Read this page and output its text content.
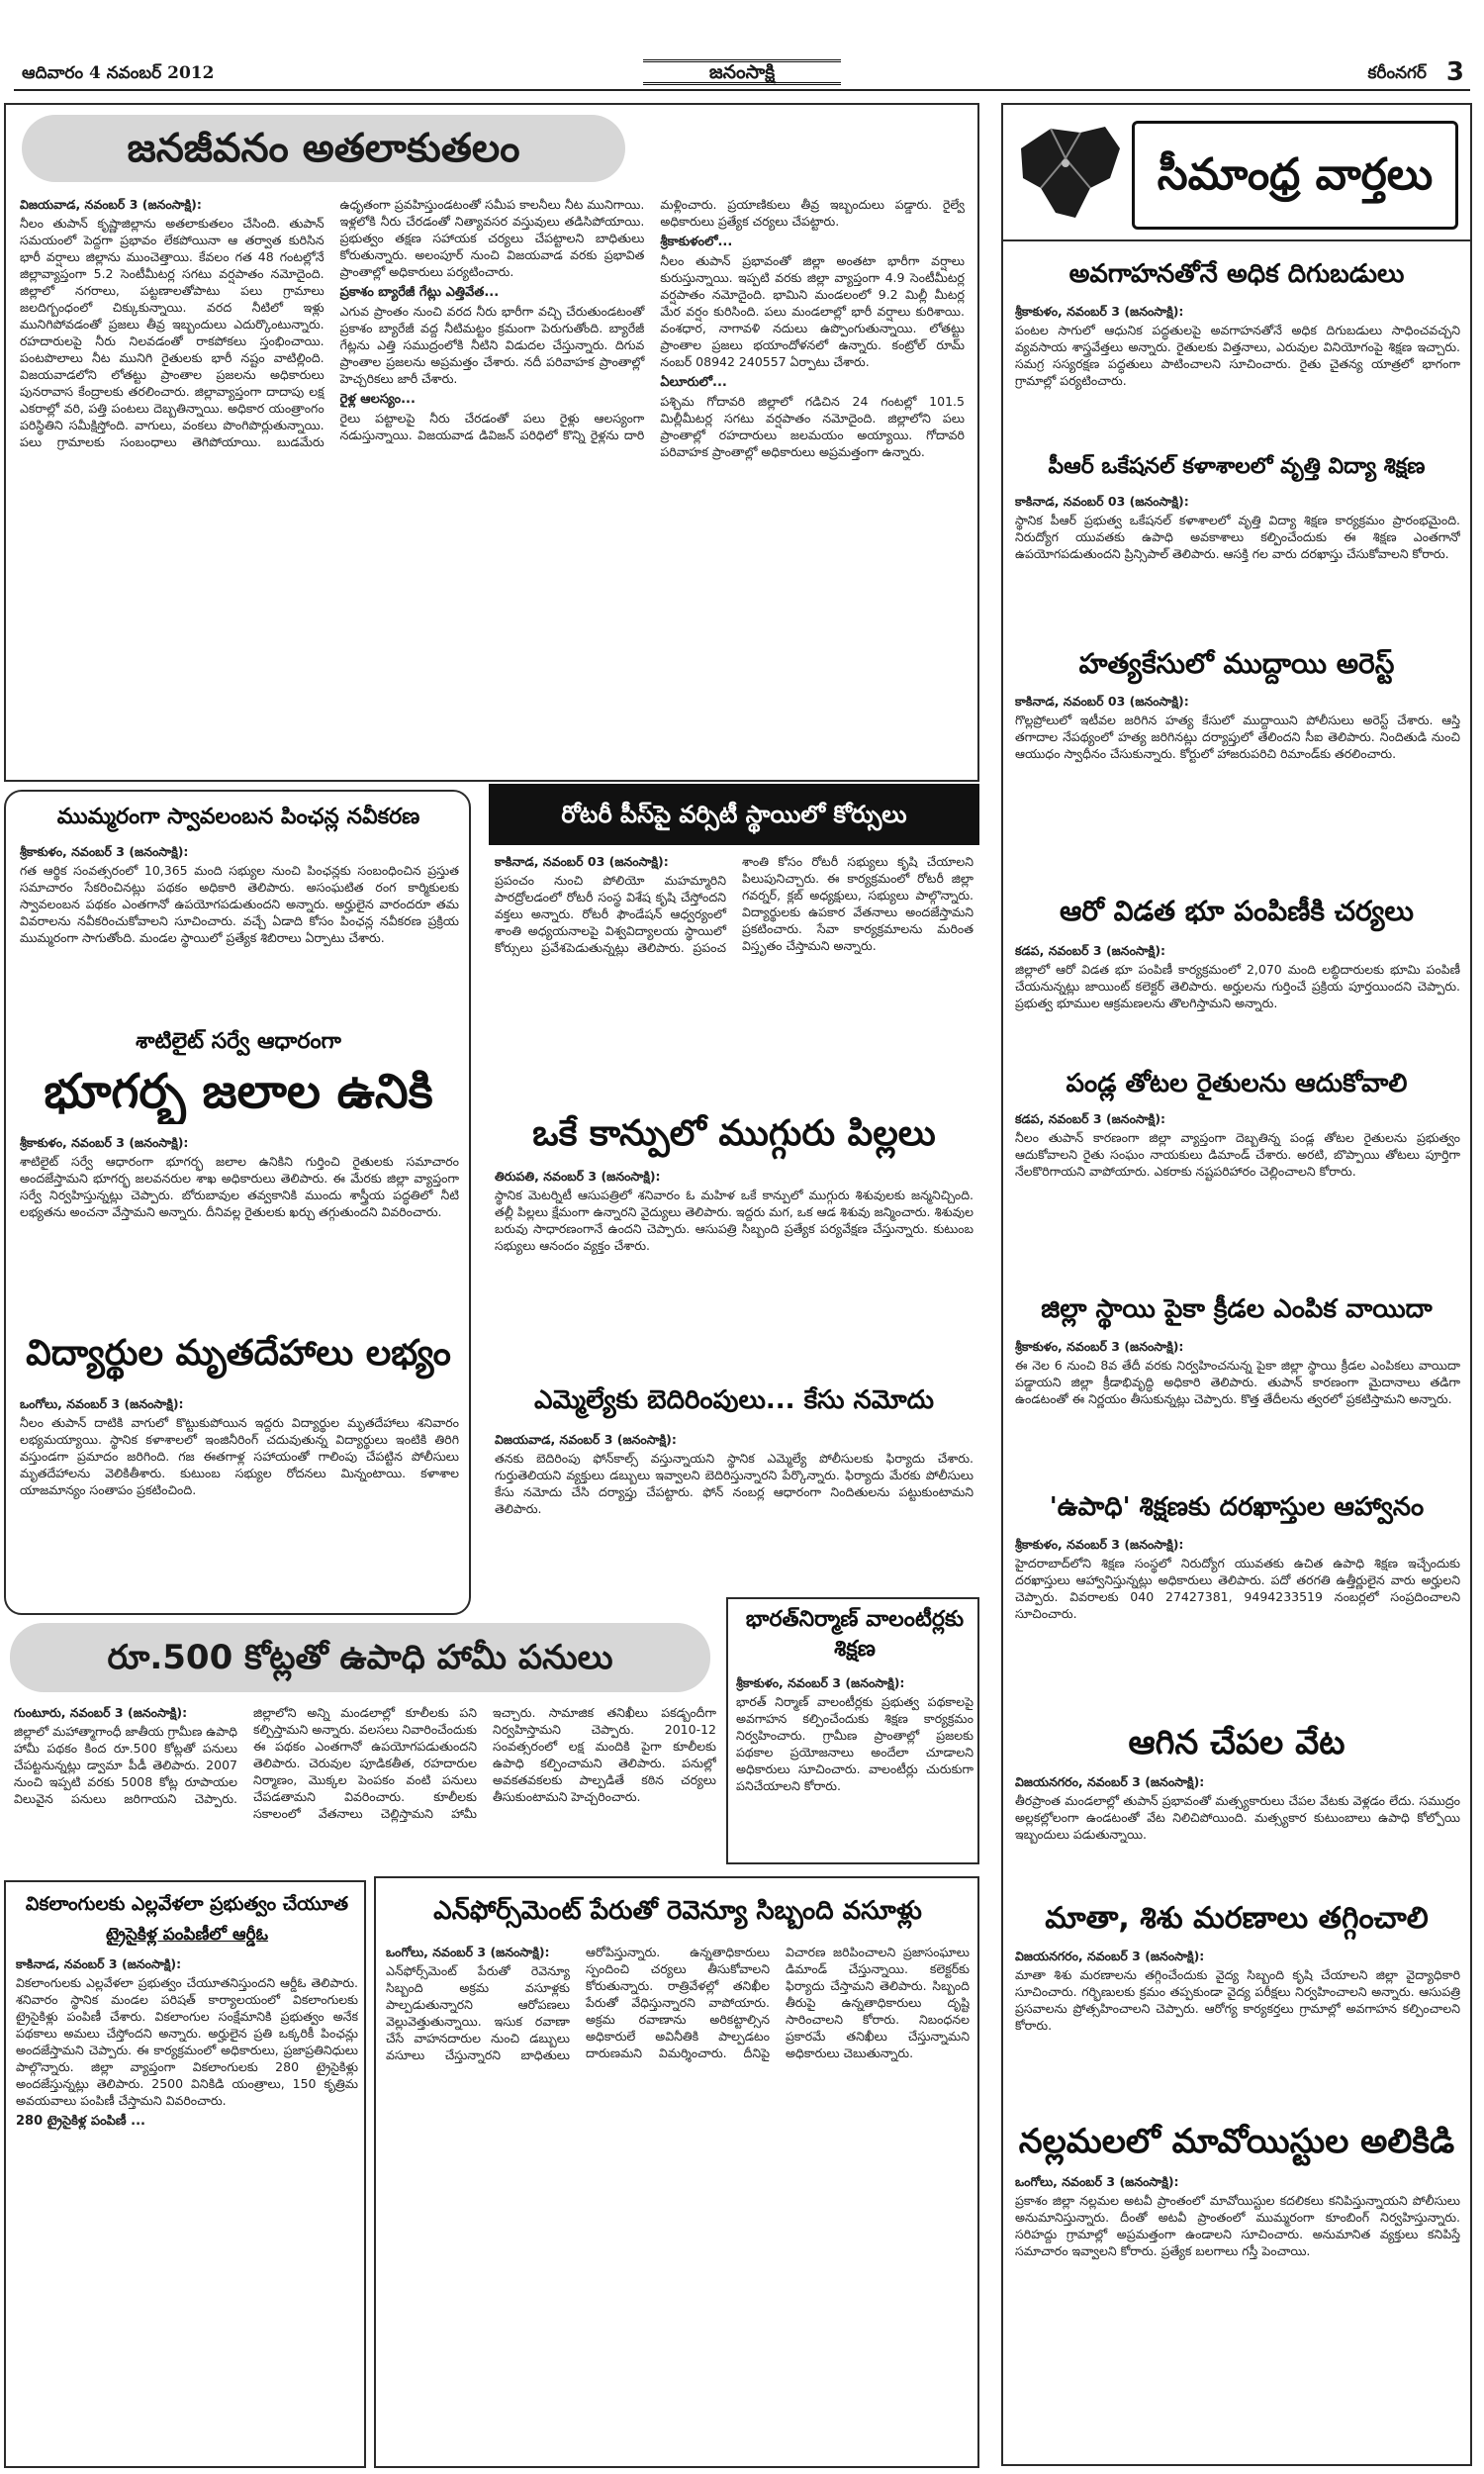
ఆదివారం 4 నవంబర్ 2012	జనంసాక్షి	కరీంనగర్ 3
జనజీవనం అతలాకుతలం
విజయవాడ, నవంబర్ 3 (జనంసాక్షి):
నీలం తుపాన్ కృష్ణాజిల్లాను అతలాకుతలం చేసింది. తుపాన్ సమయంలో పెద్దగా ప్రభావం లేకపోయినా ఆ తర్వాత కురిసిన భారీ వర్షాలు జిల్లాను ముంచెత్తాయి. కేవలం గత 48 గంటల్లోనే జిల్లావ్యాప్తంగా 5.2 సెంటీమీటర్ల సగటు వర్షపాతం నమోదైంది. జిల్లాలో నగరాలు, పట్టణాలతోపాటు పలు గ్రామాలు జలదిగ్బంధంలో చిక్కుకున్నాయి. వరద నీటిలో ఇళ్లు మునిగిపోవడంతో ప్రజలు తీవ్ర ఇబ్బందులు ఎదుర్కొంటున్నారు. రహదారులపై నీరు నిలవడంతో రాకపోకలు స్తంభించాయి. పంటపొలాలు నీట మునిగి రైతులకు భారీ నష్టం వాటిల్లింది. విజయవాడలోని లోతట్టు ప్రాంతాల ప్రజలను అధికారులు పునరావాస కేంద్రాలకు తరలించారు. జిల్లావ్యాప్తంగా దాదాపు లక్ష ఎకరాల్లో వరి, పత్తి పంటలు దెబ్బతిన్నాయి. అధికార యంత్రాంగం పరిస్థితిని సమీక్షిస్తోంది. వాగులు, వంకలు పొంగిపొర్లుతున్నాయి. పలు గ్రామాలకు సంబంధాలు తెగిపోయాయి. బుడమేరు ఉధృతంగా ప్రవహిస్తుండటంతో సమీప కాలనీలు నీట మునిగాయి. ఇళ్లలోకి నీరు చేరడంతో నిత్యావసర వస్తువులు తడిసిపోయాయి. ప్రభుత్వం తక్షణ సహాయక చర్యలు చేపట్టాలని బాధితులు కోరుతున్నారు. అలంపూర్ నుంచి విజయవాడ వరకు ప్రభావిత ప్రాంతాల్లో అధికారులు పర్యటించారు.
ప్రకాశం బ్యారేజీ గేట్లు ఎత్తివేత...
ఎగువ ప్రాంతం నుంచి వరద నీరు భారీగా వచ్చి చేరుతుండటంతో ప్రకాశం బ్యారేజీ వద్ద నీటిమట్టం క్రమంగా పెరుగుతోంది. బ్యారేజీ గేట్లను ఎత్తి సముద్రంలోకి నీటిని విడుదల చేస్తున్నారు. దిగువ ప్రాంతాల ప్రజలను అప్రమత్తం చేశారు. నదీ పరివాహక ప్రాంతాల్లో హెచ్చరికలు జారీ చేశారు.
రైళ్ల ఆలస్యం...
రైలు పట్టాలపై నీరు చేరడంతో పలు రైళ్లు ఆలస్యంగా నడుస్తున్నాయి. విజయవాడ డివిజన్ పరిధిలో కొన్ని రైళ్లను దారి మళ్లించారు. ప్రయాణికులు తీవ్ర ఇబ్బందులు పడ్డారు. రైల్వే అధికారులు ప్రత్యేక చర్యలు చేపట్టారు.
శ్రీకాకుళంలో...
నీలం తుపాన్ ప్రభావంతో జిల్లా అంతటా భారీగా వర్షాలు కురుస్తున్నాయి. ఇప్పటి వరకు జిల్లా వ్యాప్తంగా 4.9 సెంటీమీటర్ల వర్షపాతం నమోదైంది. భామిని మండలంలో 9.2 మిల్లీ మీటర్ల మేర వర్షం కురిసింది. పలు మండలాల్లో భారీ వర్షాలు కురిశాయి. వంశధార, నాగావళి నదులు ఉప్పొంగుతున్నాయి. లోతట్టు ప్రాంతాల ప్రజలు భయాందోళనలో ఉన్నారు. కంట్రోల్ రూమ్ నంబర్ 08942 240557 ఏర్పాటు చేశారు.
ఏలూరులో...
పశ్చిమ గోదావరి జిల్లాలో గడిచిన 24 గంటల్లో 101.5 మిల్లీమీటర్ల సగటు వర్షపాతం నమోదైంది. జిల్లాలోని పలు ప్రాంతాల్లో రహదారులు జలమయం అయ్యాయి. గోదావరి పరివాహక ప్రాంతాల్లో అధికారులు అప్రమత్తంగా ఉన్నారు.
ముమ్మరంగా స్వావలంబన పింఛన్ల నవీకరణ
శ్రీకాకుళం, నవంబర్ 3 (జనంసాక్షి):
గత ఆర్థిక సంవత్సరంలో 10,365 మంది సభ్యుల నుంచి పింఛన్లకు సంబంధించిన ప్రస్తుత సమాచారం సేకరించినట్లు పథకం అధికారి తెలిపారు. అసంఘటిత రంగ కార్మికులకు స్వావలంబన పథకం ఎంతగానో ఉపయోగపడుతుందని అన్నారు. అర్హులైన వారందరూ తమ వివరాలను నవీకరించుకోవాలని సూచించారు. వచ్చే ఏడాది కోసం పింఛన్ల నవీకరణ ప్రక్రియ ముమ్మరంగా సాగుతోంది. మండల స్థాయిలో ప్రత్యేక శిబిరాలు ఏర్పాటు చేశారు.
శాటిలైట్ సర్వే ఆధారంగా
భూగర్భ జలాల ఉనికి
శ్రీకాకుళం, నవంబర్ 3 (జనంసాక్షి):
శాటిలైట్ సర్వే ఆధారంగా భూగర్భ జలాల ఉనికిని గుర్తించి రైతులకు సమాచారం అందజేస్తామని భూగర్భ జలవనరుల శాఖ అధికారులు తెలిపారు. ఈ మేరకు జిల్లా వ్యాప్తంగా సర్వే నిర్వహిస్తున్నట్లు చెప్పారు. బోరుబావుల తవ్వకానికి ముందు శాస్త్రీయ పద్ధతిలో నీటి లభ్యతను అంచనా వేస్తామని అన్నారు. దీనివల్ల రైతులకు ఖర్చు తగ్గుతుందని వివరించారు.
విద్యార్థుల మృతదేహాలు లభ్యం
ఒంగోలు, నవంబర్ 3 (జనంసాక్షి):
నీలం తుపాన్ దాటికి వాగులో కొట్టుకుపోయిన ఇద్దరు విద్యార్థుల మృతదేహాలు శనివారం లభ్యమయ్యాయి. స్థానిక కళాశాలలో ఇంజినీరింగ్ చదువుతున్న విద్యార్థులు ఇంటికి తిరిగి వస్తుండగా ప్రమాదం జరిగింది. గజ ఈతగాళ్ల సహాయంతో గాలింపు చేపట్టిన పోలీసులు మృతదేహాలను వెలికితీశారు. కుటుంబ సభ్యుల రోదనలు మిన్నంటాయి. కళాశాల యాజమాన్యం సంతాపం ప్రకటించింది.
రోటరీ పీస్‌పై వర్సిటీ స్థాయిలో కోర్సులు
కాకినాడ, నవంబర్ 03 (జనంసాక్షి):
ప్రపంచం నుంచి పోలియో మహమ్మారిని పారద్రోలడంలో రోటరీ సంస్థ విశేష కృషి చేస్తోందని వక్తలు అన్నారు. రోటరీ ఫౌండేషన్ ఆధ్వర్యంలో శాంతి అధ్యయనాలపై విశ్వవిద్యాలయ స్థాయిలో కోర్సులు ప్రవేశపెడుతున్నట్లు తెలిపారు. ప్రపంచ శాంతి కోసం రోటరీ సభ్యులు కృషి చేయాలని పిలుపునిచ్చారు. ఈ కార్యక్రమంలో రోటరీ జిల్లా గవర్నర్, క్లబ్ అధ్యక్షులు, సభ్యులు పాల్గొన్నారు. విద్యార్థులకు ఉపకార వేతనాలు అందజేస్తామని ప్రకటించారు. సేవా కార్యక్రమాలను మరింత విస్తృతం చేస్తామని అన్నారు.
ఒకే కాన్పులో ముగ్గురు పిల్లలు
తిరుపతి, నవంబర్ 3 (జనంసాక్షి):
స్థానిక మెటర్నిటీ ఆసుపత్రిలో శనివారం ఓ మహిళ ఒకే కాన్పులో ముగ్గురు శిశువులకు జన్మనిచ్చింది. తల్లీ పిల్లలు క్షేమంగా ఉన్నారని వైద్యులు తెలిపారు. ఇద్దరు మగ, ఒక ఆడ శిశువు జన్మించారు. శిశువుల బరువు సాధారణంగానే ఉందని చెప్పారు. ఆసుపత్రి సిబ్బంది ప్రత్యేక పర్యవేక్షణ చేస్తున్నారు. కుటుంబ సభ్యులు ఆనందం వ్యక్తం చేశారు.
ఎమ్మెల్యేకు బెదిరింపులు... కేసు నమోదు
విజయవాడ, నవంబర్ 3 (జనంసాక్షి):
తనకు బెదిరింపు ఫోన్‌కాల్స్ వస్తున్నాయని స్థానిక ఎమ్మెల్యే పోలీసులకు ఫిర్యాదు చేశారు. గుర్తుతెలియని వ్యక్తులు డబ్బులు ఇవ్వాలని బెదిరిస్తున్నారని పేర్కొన్నారు. ఫిర్యాదు మేరకు పోలీసులు కేసు నమోదు చేసి దర్యాప్తు చేపట్టారు. ఫోన్ నంబర్ల ఆధారంగా నిందితులను పట్టుకుంటామని తెలిపారు.
భారత్‌నిర్మాణ్ వాలంటీర్లకు శిక్షణ
శ్రీకాకుళం, నవంబర్ 3 (జనంసాక్షి):
భారత్ నిర్మాణ్ వాలంటీర్లకు ప్రభుత్వ పథకాలపై అవగాహన కల్పించేందుకు శిక్షణ కార్యక్రమం నిర్వహించారు. గ్రామీణ ప్రాంతాల్లో ప్రజలకు పథకాల ప్రయోజనాలు అందేలా చూడాలని అధికారులు సూచించారు. వాలంటీర్లు చురుకుగా పనిచేయాలని కోరారు.
రూ.500 కోట్లతో ఉపాధి హామీ పనులు
గుంటూరు, నవంబర్ 3 (జనంసాక్షి):
జిల్లాలో మహాత్మాగాంధీ జాతీయ గ్రామీణ ఉపాధి హామీ పథకం కింద రూ.500 కోట్లతో పనులు చేపట్టనున్నట్లు డ్వామా పీడీ తెలిపారు. 2007 నుంచి ఇప్పటి వరకు 5008 కోట్ల రూపాయల విలువైన పనులు జరిగాయని చెప్పారు. జిల్లాలోని అన్ని మండలాల్లో కూలీలకు పని కల్పిస్తామని అన్నారు. వలసలు నివారించేందుకు ఈ పథకం ఎంతగానో ఉపయోగపడుతుందని తెలిపారు. చెరువుల పూడికతీత, రహదారుల నిర్మాణం, మొక్కల పెంపకం వంటి పనులు చేపడతామని వివరించారు. కూలీలకు సకాలంలో వేతనాలు చెల్లిస్తామని హామీ ఇచ్చారు. సామాజిక తనిఖీలు పకడ్బందీగా నిర్వహిస్తామని చెప్పారు. 2010-12 సంవత్సరంలో లక్ష మందికి పైగా కూలీలకు ఉపాధి కల్పించామని తెలిపారు. పనుల్లో అవకతవకలకు పాల్పడితే కఠిన చర్యలు తీసుకుంటామని హెచ్చరించారు.
వికలాంగులకు ఎల్లవేళలా ప్రభుత్వం చేయూత
ట్రైసైకిళ్ల పంపిణీలో ఆర్డీఓ
కాకినాడ, నవంబర్ 3 (జనంసాక్షి):
వికలాంగులకు ఎల్లవేళలా ప్రభుత్వం చేయూతనిస్తుందని ఆర్డీఓ తెలిపారు. శనివారం స్థానిక మండల పరిషత్ కార్యాలయంలో వికలాంగులకు ట్రైసైకిళ్లు పంపిణీ చేశారు. వికలాంగుల సంక్షేమానికి ప్రభుత్వం అనేక పథకాలు అమలు చేస్తోందని అన్నారు. అర్హులైన ప్రతి ఒక్కరికీ పింఛన్లు అందజేస్తామని చెప్పారు. ఈ కార్యక్రమంలో అధికారులు, ప్రజాప్రతినిధులు పాల్గొన్నారు. జిల్లా వ్యాప్తంగా వికలాంగులకు 280 ట్రైసైకిళ్లు అందజేస్తున్నట్లు తెలిపారు. 2500 వినికిడి యంత్రాలు, 150 కృత్రిమ అవయవాలు పంపిణీ చేస్తామని వివరించారు.
280 ట్రైసైకిళ్ల పంపిణీ ...
ఎన్‌ఫోర్స్‌మెంట్ పేరుతో రెవెన్యూ సిబ్బంది వసూళ్లు
ఒంగోలు, నవంబర్ 3 (జనంసాక్షి):
ఎన్‌ఫోర్స్‌మెంట్ పేరుతో రెవెన్యూ సిబ్బంది అక్రమ వసూళ్లకు పాల్పడుతున్నారని ఆరోపణలు వెల్లువెత్తుతున్నాయి. ఇసుక రవాణా చేసే వాహనదారుల నుంచి డబ్బులు వసూలు చేస్తున్నారని బాధితులు ఆరోపిస్తున్నారు. ఉన్నతాధికారులు స్పందించి చర్యలు తీసుకోవాలని కోరుతున్నారు. రాత్రివేళల్లో తనిఖీల పేరుతో వేధిస్తున్నారని వాపోయారు. అక్రమ రవాణాను అరికట్టాల్సిన అధికారులే అవినీతికి పాల్పడటం దారుణమని విమర్శించారు. దీనిపై విచారణ జరిపించాలని ప్రజాసంఘాలు డిమాండ్ చేస్తున్నాయి. కలెక్టర్‌కు ఫిర్యాదు చేస్తామని తెలిపారు. సిబ్బంది తీరుపై ఉన్నతాధికారులు దృష్టి సారించాలని కోరారు. నిబంధనల ప్రకారమే తనిఖీలు చేస్తున్నామని అధికారులు చెబుతున్నారు.
సీమాంధ్ర వార్తలు
అవగాహనతోనే అధిక దిగుబడులు
శ్రీకాకుళం, నవంబర్ 3 (జనంసాక్షి):
పంటల సాగులో ఆధునిక పద్ధతులపై అవగాహనతోనే అధిక దిగుబడులు సాధించవచ్చని వ్యవసాయ శాస్త్రవేత్తలు అన్నారు. రైతులకు విత్తనాలు, ఎరువుల వినియోగంపై శిక్షణ ఇచ్చారు. సమగ్ర సస్యరక్షణ పద్ధతులు పాటించాలని సూచించారు. రైతు చైతన్య యాత్రలో భాగంగా గ్రామాల్లో పర్యటించారు.
పీఆర్ ఒకేషనల్ కళాశాలలో వృత్తి విద్యా శిక్షణ
కాకినాడ, నవంబర్ 03 (జనంసాక్షి):
స్థానిక పీఆర్ ప్రభుత్వ ఒకేషనల్ కళాశాలలో వృత్తి విద్యా శిక్షణ కార్యక్రమం ప్రారంభమైంది. నిరుద్యోగ యువతకు ఉపాధి అవకాశాలు కల్పించేందుకు ఈ శిక్షణ ఎంతగానో ఉపయోగపడుతుందని ప్రిన్సిపాల్ తెలిపారు. ఆసక్తి గల వారు దరఖాస్తు చేసుకోవాలని కోరారు.
హత్యకేసులో ముద్దాయి అరెస్ట్
కాకినాడ, నవంబర్ 03 (జనంసాక్షి):
గొల్లప్రోలులో ఇటీవల జరిగిన హత్య కేసులో ముద్దాయిని పోలీసులు అరెస్ట్ చేశారు. ఆస్తి తగాదాల నేపథ్యంలో హత్య జరిగినట్లు దర్యాప్తులో తేలిందని సీఐ తెలిపారు. నిందితుడి నుంచి ఆయుధం స్వాధీనం చేసుకున్నారు. కోర్టులో హాజరుపరిచి రిమాండ్‌కు తరలించారు.
ఆరో విడత భూ పంపిణీకి చర్యలు
కడప, నవంబర్ 3 (జనంసాక్షి):
జిల్లాలో ఆరో విడత భూ పంపిణీ కార్యక్రమంలో 2,070 మంది లబ్ధిదారులకు భూమి పంపిణీ చేయనున్నట్లు జాయింట్ కలెక్టర్ తెలిపారు. అర్హులను గుర్తించే ప్రక్రియ పూర్తయిందని చెప్పారు. ప్రభుత్వ భూముల ఆక్రమణలను తొలగిస్తామని అన్నారు.
పండ్ల తోటల రైతులను ఆదుకోవాలి
కడప, నవంబర్ 3 (జనంసాక్షి):
నీలం తుపాన్ కారణంగా జిల్లా వ్యాప్తంగా దెబ్బతిన్న పండ్ల తోటల రైతులను ప్రభుత్వం ఆదుకోవాలని రైతు సంఘం నాయకులు డిమాండ్ చేశారు. అరటి, బొప్పాయి తోటలు పూర్తిగా నేలకొరిగాయని వాపోయారు. ఎకరాకు నష్టపరిహారం చెల్లించాలని కోరారు.
జిల్లా స్థాయి పైకా క్రీడల ఎంపిక వాయిదా
శ్రీకాకుళం, నవంబర్ 3 (జనంసాక్షి):
ఈ నెల 6 నుంచి 8వ తేదీ వరకు నిర్వహించనున్న పైకా జిల్లా స్థాయి క్రీడల ఎంపికలు వాయిదా పడ్డాయని జిల్లా క్రీడాభివృద్ధి అధికారి తెలిపారు. తుపాన్ కారణంగా మైదానాలు తడిగా ఉండటంతో ఈ నిర్ణయం తీసుకున్నట్లు చెప్పారు. కొత్త తేదీలను త్వరలో ప్రకటిస్తామని అన్నారు.
'ఉపాధి' శిక్షణకు దరఖాస్తుల ఆహ్వానం
శ్రీకాకుళం, నవంబర్ 3 (జనంసాక్షి):
హైదరాబాద్‌లోని శిక్షణ సంస్థలో నిరుద్యోగ యువతకు ఉచిత ఉపాధి శిక్షణ ఇచ్చేందుకు దరఖాస్తులు ఆహ్వానిస్తున్నట్లు అధికారులు తెలిపారు. పదో తరగతి ఉత్తీర్ణులైన వారు అర్హులని చెప్పారు. వివరాలకు 040 27427381, 9494233519 నంబర్లలో సంప్రదించాలని సూచించారు.
ఆగిన చేపల వేట
విజయనగరం, నవంబర్ 3 (జనంసాక్షి):
తీరప్రాంత మండలాల్లో తుపాన్ ప్రభావంతో మత్స్యకారులు చేపల వేటకు వెళ్లడం లేదు. సముద్రం అల్లకల్లోలంగా ఉండటంతో వేట నిలిచిపోయింది. మత్స్యకార కుటుంబాలు ఉపాధి కోల్పోయి ఇబ్బందులు పడుతున్నాయి.
మాతా, శిశు మరణాలు తగ్గించాలి
విజయనగరం, నవంబర్ 3 (జనంసాక్షి):
మాతా శిశు మరణాలను తగ్గించేందుకు వైద్య సిబ్బంది కృషి చేయాలని జిల్లా వైద్యాధికారి సూచించారు. గర్భిణులకు క్రమం తప్పకుండా వైద్య పరీక్షలు నిర్వహించాలని అన్నారు. ఆసుపత్రి ప్రసవాలను ప్రోత్సహించాలని చెప్పారు. ఆరోగ్య కార్యకర్తలు గ్రామాల్లో అవగాహన కల్పించాలని కోరారు.
నల్లమలలో మావోయిస్టుల అలికిడి
ఒంగోలు, నవంబర్ 3 (జనంసాక్షి):
ప్రకాశం జిల్లా నల్లమల అటవీ ప్రాంతంలో మావోయిస్టుల కదలికలు కనిపిస్తున్నాయని పోలీసులు అనుమానిస్తున్నారు. దీంతో అటవీ ప్రాంతంలో ముమ్మరంగా కూంబింగ్ నిర్వహిస్తున్నారు. సరిహద్దు గ్రామాల్లో అప్రమత్తంగా ఉండాలని సూచించారు. అనుమానిత వ్యక్తులు కనిపిస్తే సమాచారం ఇవ్వాలని కోరారు. ప్రత్యేక బలగాలు గస్తీ పెంచాయి.
